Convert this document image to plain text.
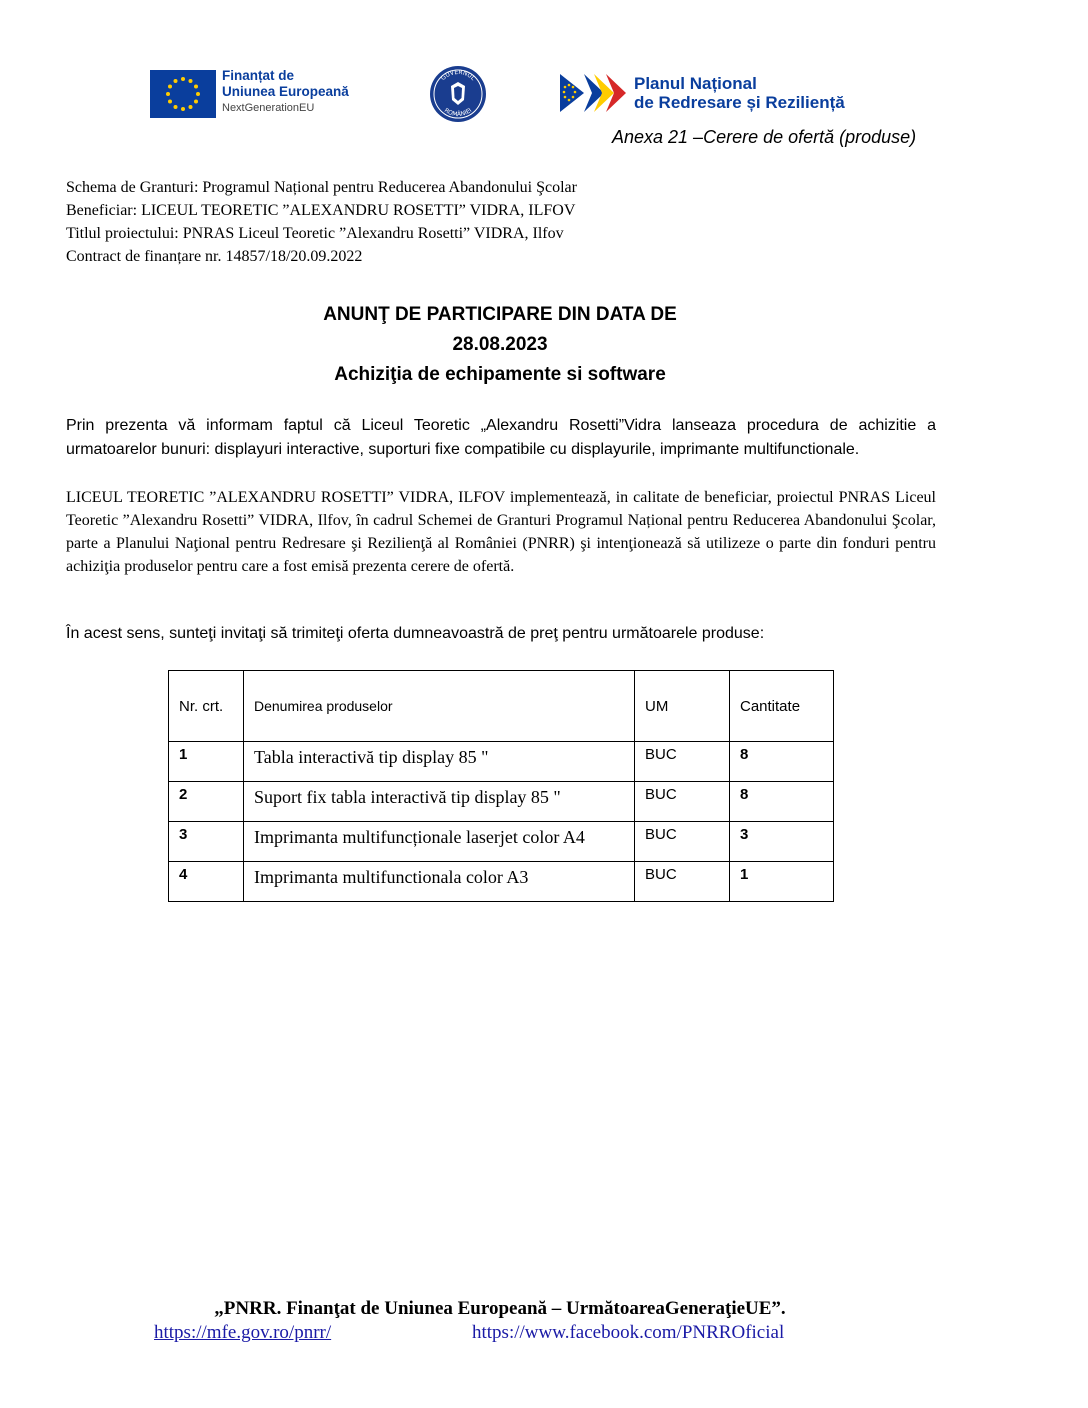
Finanțat de
Uniunea Europeană
NextGenerationEU
GUVERNUL
ROMÂNIEI
Planul Național
de Redresare și Reziliență
Anexa 21 –Cerere de ofertă (produse)
Schema de Granturi: Programul Național pentru Reducerea Abandonului Şcolar
Beneficiar: LICEUL TEORETIC ”ALEXANDRU ROSETTI” VIDRA, ILFOV
Titlul proiectului: PNRAS Liceul Teoretic ”Alexandru Rosetti” VIDRA, Ilfov
Contract de finanțare nr. 14857/18/20.09.2022
ANUNŢ DE PARTICIPARE DIN DATA DE
28.08.2023
Achiziţia de echipamente si software
Prin prezenta vă informam faptul că Liceul Teoretic „Alexandru Rosetti”Vidra lanseaza procedura de achizitie a urmatoarelor bunuri: displayuri interactive, suporturi fixe compatibile cu displayurile, imprimante multifunctionale.
LICEUL TEORETIC ”ALEXANDRU ROSETTI” VIDRA, ILFOV implementează, in calitate de beneficiar, proiectul PNRAS Liceul Teoretic ”Alexandru Rosetti” VIDRA, Ilfov, în cadrul Schemei de Granturi Programul Național pentru Reducerea Abandonului Şcolar, parte a Planului Naţional pentru Redresare şi Rezilienţă al României (PNRR) şi intenţionează să utilizeze o parte din fonduri pentru achiziţia produselor pentru care a fost emisă prezenta cerere de ofertă.
În acest sens, sunteţi invitaţi să trimiteţi oferta dumneavoastră de preţ pentru următoarele produse:
Nr. crt.	Denumirea produselor	UM	Cantitate
1	Tabla interactivă tip display 85 "	BUC	8
2	Suport fix tabla interactivă tip display 85 "	BUC	8
3	Imprimanta multifuncționale laserjet color A4	BUC	3
4	Imprimanta multifunctionala color A3	BUC	1
„PNRR. Finanţat de Uniunea Europeană – UrmătoareaGeneraţieUE”.
https://mfe.gov.ro/pnrr/	https://www.facebook.com/PNRROficial
